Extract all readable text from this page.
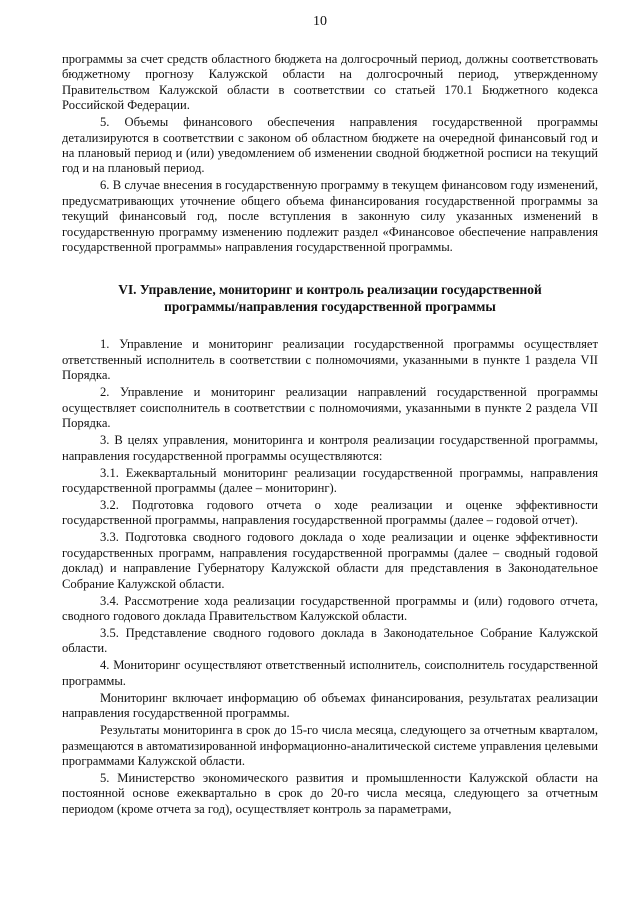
10

программы за счет средств областного бюджета на долгосрочный период, должны соответствовать бюджетному прогнозу Калужской области на долгосрочный период, утвержденному Правительством Калужской области в соответствии со статьей 170.1 Бюджетного кодекса Российской Федерации.

5. Объемы финансового обеспечения направления государственной программы детализируются в соответствии с законом об областном бюджете на очередной финансовый год и на плановый период и (или) уведомлением об изменении сводной бюджетной росписи на текущий год и на плановый период.

6. В случае внесения в государственную программу в текущем финансовом году изменений, предусматривающих уточнение общего объема финансирования государственной программы за текущий финансовый год, после вступления в законную силу указанных изменений в государственную программу изменению подлежит раздел «Финансовое обеспечение направления государственной программы» направления государственной программы.

VI. Управление, мониторинг и контроль реализации государственной программы/направления государственной программы

1. Управление и мониторинг реализации государственной программы осуществляет ответственный исполнитель в соответствии с полномочиями, указанными в пункте 1 раздела VII Порядка.

2. Управление и мониторинг реализации направлений государственной программы осуществляет соисполнитель в соответствии с полномочиями, указанными в пункте 2 раздела VII Порядка.

3. В целях управления, мониторинга и контроля реализации государственной программы, направления государственной программы осуществляются:

3.1. Ежеквартальный мониторинг реализации государственной программы, направления государственной программы (далее – мониторинг).

3.2. Подготовка годового отчета о ходе реализации и оценке эффективности государственной программы, направления государственной программы (далее – годовой отчет).

3.3. Подготовка сводного годового доклада о ходе реализации и оценке эффективности государственных программ, направления государственной программы (далее – сводный годовой доклад) и направление Губернатору Калужской области для представления в Законодательное Собрание Калужской области.

3.4. Рассмотрение хода реализации государственной программы и (или) годового отчета, сводного годового доклада Правительством Калужской области.

3.5. Представление сводного годового доклада в Законодательное Собрание Калужской области.

4. Мониторинг осуществляют ответственный исполнитель, соисполнитель государственной программы.

Мониторинг включает информацию об объемах финансирования, результатах реализации направления государственной программы.

Результаты мониторинга в срок до 15-го числа месяца, следующего за отчетным кварталом, размещаются в автоматизированной информационно-аналитической системе управления целевыми программами Калужской области.

5. Министерство экономического развития и промышленности Калужской области на постоянной основе ежеквартально в срок до 20-го числа месяца, следующего за отчетным периодом (кроме отчета за год), осуществляет контроль за параметрами,
